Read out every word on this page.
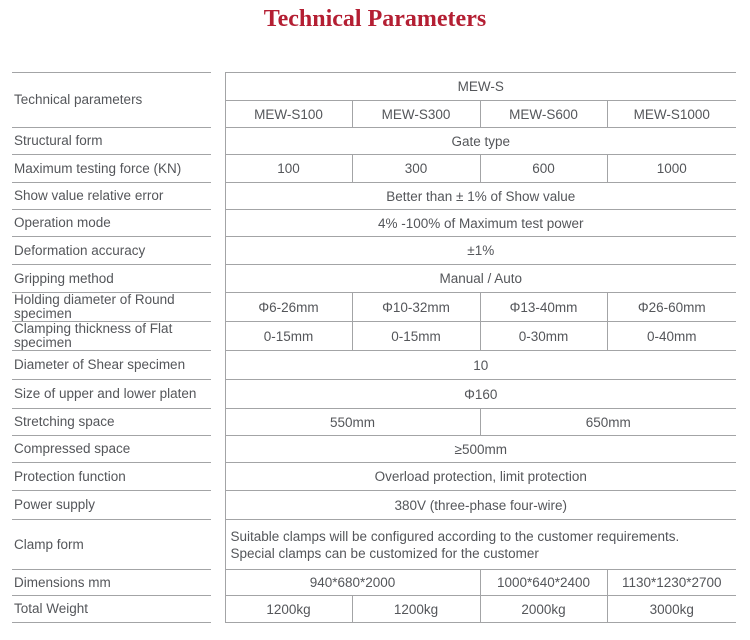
Technical Parameters
Technical parameters		MEW-S			
		MEW-S100	MEW-S300	MEW-S600	MEW-S1000
Structural form		Gate type			
Maximum testing force (KN)		100	300	600	1000
Show value relative error		Better than ± 1% of Show value			
Operation mode		4% -100% of Maximum test power			
Deformation accuracy		±1%			
Gripping method		Manual / Auto			
Holding diameter of Round specimen		Φ6-26mm	Φ10-32mm	Φ13-40mm	Φ26-60mm
Clamping thickness of Flat specimen		0-15mm	0-15mm	0-30mm	0-40mm
Diameter of Shear specimen		10			
Size of upper and lower platen		Φ160			
Stretching space		550mm		650mm	
Compressed space		≥500mm			
Protection function		Overload protection, limit protection			
Power supply		380V (three-phase four-wire)			
Clamp form		Suitable clamps will be configured according to the customer requirements.
Special clamps can be customized for the customer			

Dimensions mm		940*680*2000		1000*640*2400	1130*1230*2700
Total Weight		1200kg	1200kg	2000kg	3000kg
